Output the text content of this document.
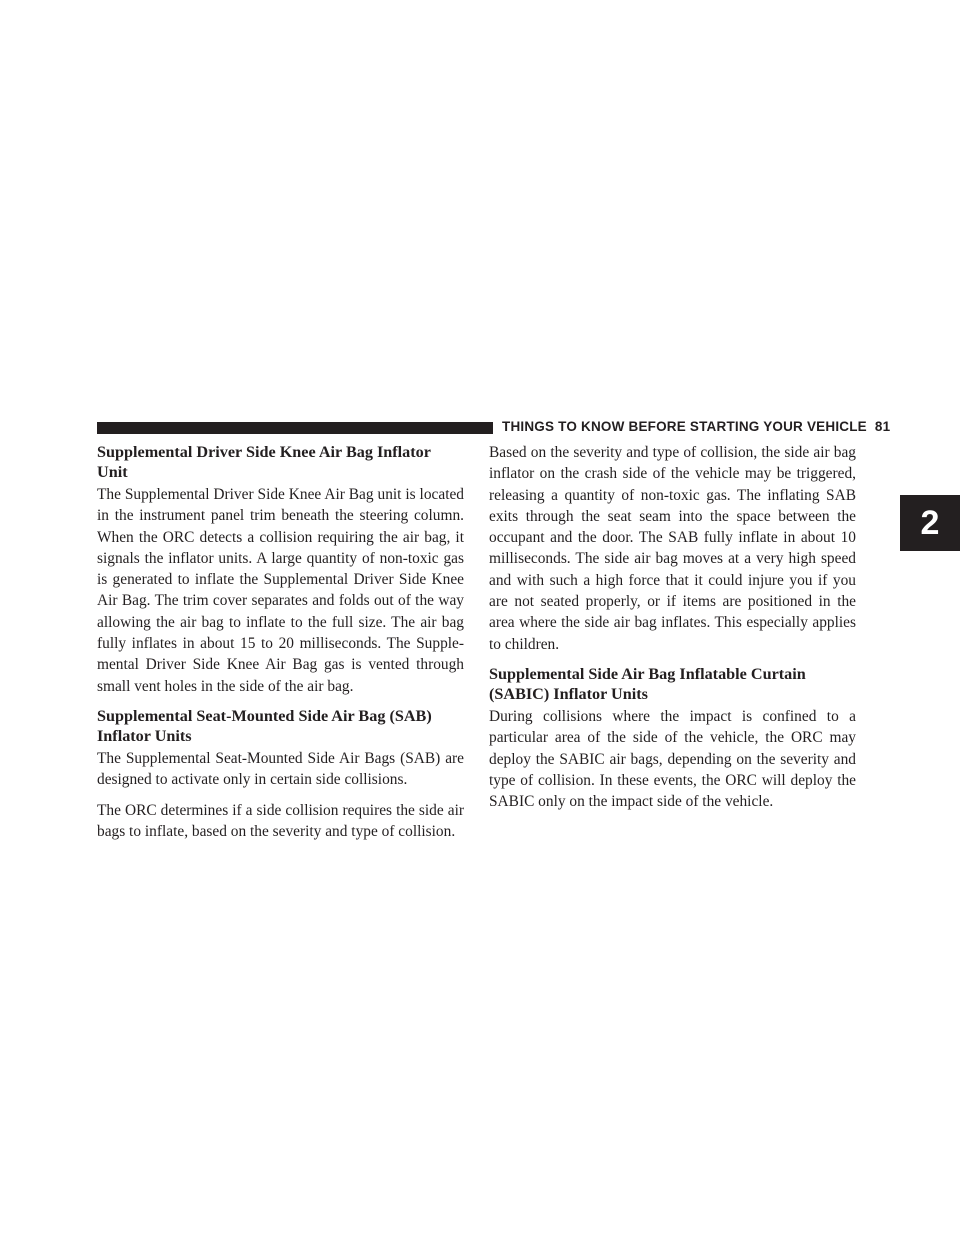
THINGS TO KNOW BEFORE STARTING YOUR VEHICLE 81
2
Supplemental Driver Side Knee Air Bag Inflator Unit

The Supplemental Driver Side Knee Air Bag unit is located in the instrument panel trim beneath the steering column. When the ORC detects a collision requiring the air bag, it signals the inflator units. A large quantity of non-toxic gas is generated to inflate the Supplemental Driver Side Knee Air Bag. The trim cover separates and folds out of the way allowing the air bag to inflate to the full size. The air bag fully inflates in about 15 to 20 milliseconds. The Supple-mental Driver Side Knee Air Bag gas is vented through small vent holes in the side of the air bag.

Supplemental Seat-Mounted Side Air Bag (SAB) Inflator Units

The Supplemental Seat-Mounted Side Air Bags (SAB) are designed to activate only in certain side collisions.

The ORC determines if a side collision requires the side air bags to inflate, based on the severity and type of collision.

Based on the severity and type of collision, the side air bag inflator on the crash side of the vehicle may be triggered, releasing a quantity of non-toxic gas. The inflating SAB exits through the seat seam into the space between the occupant and the door. The SAB fully inflate in about 10 milliseconds. The side air bag moves at a very high speed and with such a high force that it could injure you if you are not seated properly, or if items are positioned in the area where the side air bag inflates. This especially applies to children.

Supplemental Side Air Bag Inflatable Curtain (SABIC) Inflator Units

During collisions where the impact is confined to a particular area of the side of the vehicle, the ORC may deploy the SABIC air bags, depending on the severity and type of collision. In these events, the ORC will deploy the SABIC only on the impact side of the vehicle.
